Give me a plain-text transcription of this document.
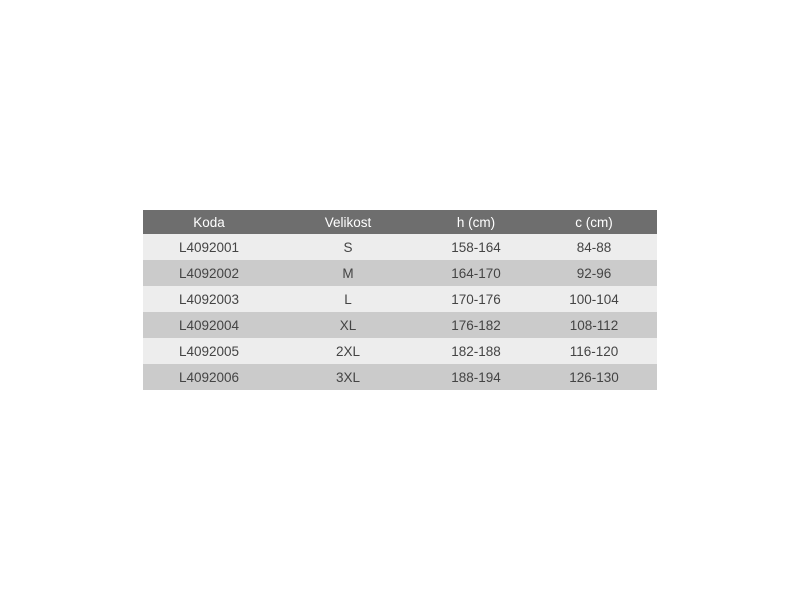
Koda	Velikost	h (cm)	c (cm)
L4092001	S	158-164	84-88
L4092002	M	164-170	92-96
L4092003	L	170-176	100-104
L4092004	XL	176-182	108-112
L4092005	2XL	182-188	116-120
L4092006	3XL	188-194	126-130
